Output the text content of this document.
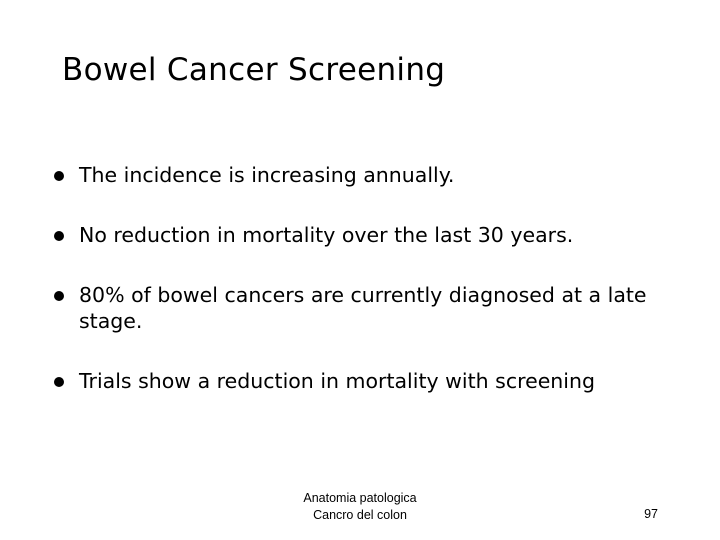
Bowel Cancer Screening
The incidence is increasing annually.
No reduction in mortality over the last 30 years.
80% of bowel cancers are currently diagnosed at a late stage.
Trials show a reduction in mortality with screening
Anatomia patologica
Cancro del colon	97
